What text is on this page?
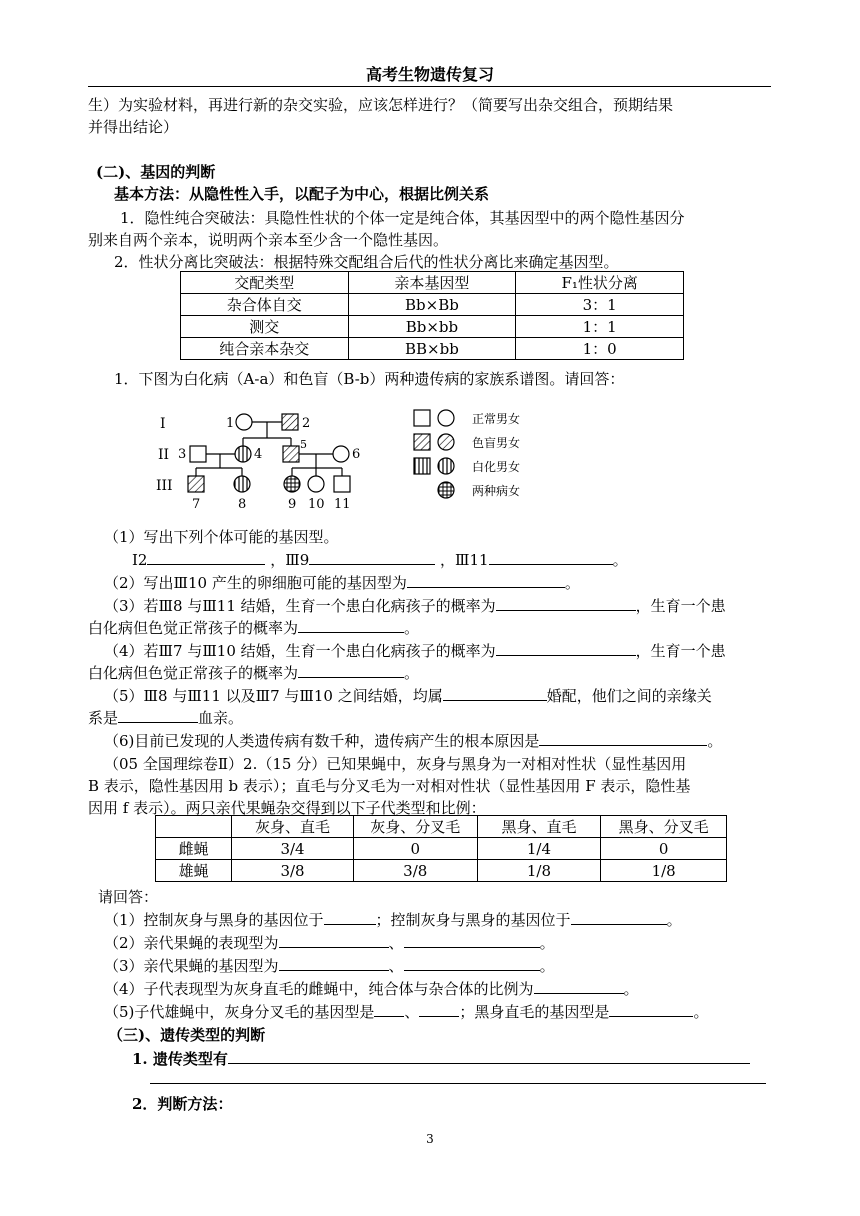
高考生物遗传复习
生）为实验材料，再进行新的杂交实验，应该怎样进行？（简要写出杂交组合，预期结果
并得出结论）
(二)、基因的判断
基本方法：从隐性性入手，以配子为中心，根据比例关系
1．隐性纯合突破法：具隐性性状的个体一定是纯合体，其基因型中的两个隐性基因分
别来自两个亲本，说明两个亲本至少含一个隐性基因。
2．性状分离比突破法：根据特殊交配组合后代的性状分离比来确定基因型。
交配类型	亲本基因型	F₁性状分离
杂合体自交	Bb×Bb	3：1
测交	Bb×bb	1：1
纯合亲本杂交	BB×bb	1：0
1．下图为白化病（A-a）和色盲（B-b）两种遗传病的家族系谱图。请回答：
I
II
III
1	2
3	4	6
5
7	8	9 10 11
正常男女
色盲男女
白化男女
两种病女
（1）写出下列个体可能的基因型。
Ⅰ2	，Ⅲ9	，Ⅲ11	。
（2）写出Ⅲ10 产生的卵细胞可能的基因型为	。
（3）若Ⅲ8 与Ⅲ11 结婚，生育一个患白化病孩子的概率为	，生育一个患
白化病但色觉正常孩子的概率为	。
（4）若Ⅲ7 与Ⅲ10 结婚，生育一个患白化病孩子的概率为	，生育一个患
白化病但色觉正常孩子的概率为	。
（5）Ⅲ8 与Ⅲ11 以及Ⅲ7 与Ⅲ10 之间结婚，均属	婚配，他们之间的亲缘关
系是	血亲。
（6)目前已发现的人类遗传病有数千种，遗传病产生的根本原因是	。
（05 全国理综卷Ⅱ）2.（15 分）已知果蝇中，灰身与黑身为一对相对性状（显性基因用
B 表示，隐性基因用 b 表示）；直毛与分叉毛为一对相对性状（显性基因用 F 表示，隐性基
因用 f 表示）。两只亲代果蝇杂交得到以下子代类型和比例：
	灰身、直毛	灰身、分叉毛	黑身、直毛	黑身、分叉毛
雌蝇	3/4	0	1/4	0
雄蝇	3/8	3/8	1/8	1/8
请回答：
（1）控制灰身与黑身的基因位于	；控制灰身与黑身的基因位于	。
（2）亲代果蝇的表现型为	、	。
（3）亲代果蝇的基因型为	、	。
（4）子代表现型为灰身直毛的雌蝇中，纯合体与杂合体的比例为	。
（5)子代雄蝇中，灰身分叉毛的基因型是 、	；黑身直毛的基因型是	。
（三)、遗传类型的判断
1. 遗传类型有
2．判断方法：
3
